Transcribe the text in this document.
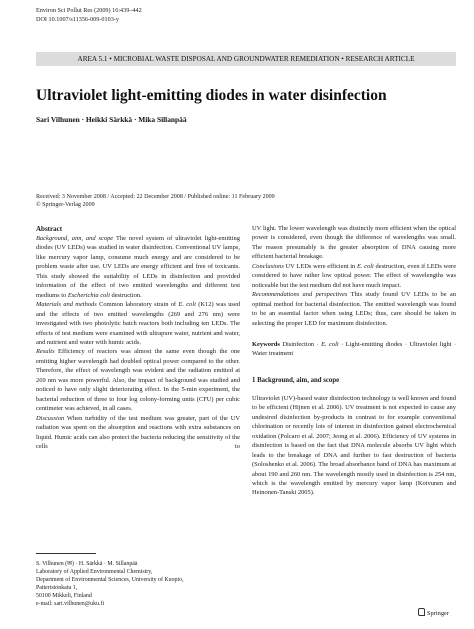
Environ Sci Pollut Res (2009) 16:439–442
DOI 10.1007/s11356-009-0103-y
AREA 5.1 • MICROBIAL WASTE DISPOSAL AND GROUNDWATER REMEDIATION • RESEARCH ARTICLE
Ultraviolet light-emitting diodes in water disinfection
Sari Vilhunen · Heikki Särkkä · Mika Sillanpää
Received: 3 November 2008 / Accepted: 22 December 2008 / Published online: 11 February 2009
© Springer-Verlag 2009
Abstract

Background, aim, and scope The novel system of ultraviolet light-emitting diodes (UV LEDs) was studied in water disinfection. Conventional UV lamps, like mercury vapor lamp, consume much energy and are considered to be problem waste after use. UV LEDs are energy efficient and free of toxicants. This study showed the suitability of LEDs in disinfection and provided information of the effect of two emitted wavelengths and different test mediums to Escherichia coli destruction.

Materials and methods Common laboratory strain of E. coli (K12) was used and the effects of two emitted wavelengths (269 and 276 nm) were investigated with two photolytic batch reactors both including ten LEDs. The effects of test medium were examined with ultrapure water, nutrient and water, and nutrient and water with humic acids.

Results Efficiency of reactors was almost the same even though the one emitting higher wavelength had doubled optical power compared to the other. Therefore, the effect of wavelength was evident and the radiation emitted at 269 nm was more powerful. Also, the impact of background was studied and noticed to have only slight deteriorating effect. In the 5-min experiment, the bacterial reduction of three to four log colony-forming units (CFU) per cubic centimeter was achieved, in all cases.

Discussion When turbidity of the test medium was greater, part of the UV radiation was spent on the absorption and reactions with extra substances on liquid. Humic acids can also protect the bacteria reducing the sensitivity of the cells to

UV light. The lower wavelength was distinctly more efficient when the optical power is considered, even though the difference of wavelengths was small. The reason presumably is the greater absorption of DNA causing more efficient bacterial breakage.

Conclusions UV LEDs were efficient in E. coli destruction, even if LEDs were considered to have rather low optical power. The effect of wavelengths was noticeable but the test medium did not have much impact.

Recommendations and perspectives This study found UV LEDs to be an optimal method for bacterial disinfection. The emitted wavelength was found to be an essential factor when using LEDs; thus, care should be taken in selecting the proper LED for maximum disinfection.

Keywords Disinfection · E. coli · Light-emitting diodes · Ultraviolet light · Water treatment

1 Background, aim, and scope

Ultraviolet (UV)-based water disinfection technology is well known and found to be efficient (Hijnen et al. 2006). UV treatment is not expected to cause any undesired disinfection by-products in contrast to for example conventional chlorination or recently lots of interest in disinfection gained electrochemical oxidation (Polcaro et al. 2007; Jeong et al. 2006). Efficiency of UV systems in disinfection is based on the fact that DNA molecule absorbs UV light which leads to the breakage of DNA and further to fast destruction of bacteria (Soloshenko et al. 2006). The broad absorbance band of DNA has maximum at about 190 and 260 nm. The wavelength mostly used in disinfection is 254 nm, which is the wavelength emitted by mercury vapor lamp (Koivunen and Heinonen-Tanski 2005).

S. Vilhunen (✉) · H. Särkkä · M. Sillanpää
Laboratory of Applied Environmental Chemistry,
Department of Environmental Sciences, University of Kuopio,
Patteristonkatu 1,
50100 Mikkeli, Finland
e-mail: sari.vilhunen@uku.fi
Springer
